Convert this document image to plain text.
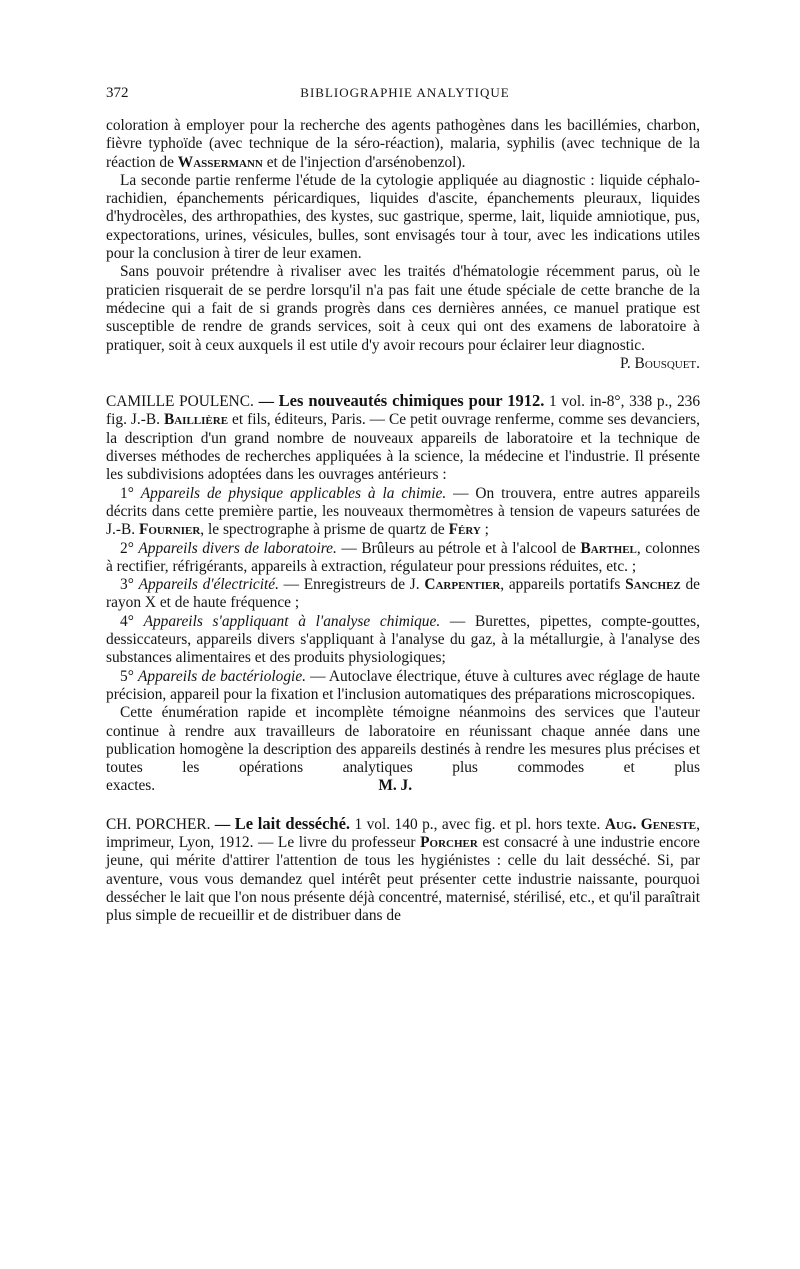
372	BIBLIOGRAPHIE ANALYTIQUE

coloration à employer pour la recherche des agents pathogènes dans les bacillémies, charbon, fièvre typhoïde (avec technique de la séro-réaction), malaria, syphilis (avec technique de la réaction de Wassermann et de l'injection d'arsénobenzol).

La seconde partie renferme l'étude de la cytologie appliquée au diagnostic : liquide céphalo-rachidien, épanchements péricardiques, liquides d'ascite, épanchements pleuraux, liquides d'hydrocèles, des arthropathies, des kystes, suc gastrique, sperme, lait, liquide amniotique, pus, expectorations, urines, vésicules, bulles, sont envisagés tour à tour, avec les indications utiles pour la conclusion à tirer de leur examen.

Sans pouvoir prétendre à rivaliser avec les traités d'hématologie récemment parus, où le praticien risquerait de se perdre lorsqu'il n'a pas fait une étude spéciale de cette branche de la médecine qui a fait de si grands progrès dans ces dernières années, ce manuel pratique est susceptible de rendre de grands services, soit à ceux qui ont des examens de laboratoire à pratiquer, soit à ceux auxquels il est utile d'y avoir recours pour éclairer leur diagnostic.

P. Bousquet.

CAMILLE POULENC. — Les nouveautés chimiques pour 1912. 1 vol. in-8°, 338 p., 236 fig. J.-B. Baillière et fils, éditeurs, Paris. — Ce petit ouvrage renferme, comme ses devanciers, la description d'un grand nombre de nouveaux appareils de laboratoire et la technique de diverses méthodes de recherches appliquées à la science, la médecine et l'industrie. Il présente les subdivisions adoptées dans les ouvrages antérieurs :

1° Appareils de physique applicables à la chimie. — On trouvera, entre autres appareils décrits dans cette première partie, les nouveaux thermomètres à tension de vapeurs saturées de J.-B. Fournier, le spectrographe à prisme de quartz de Féry ;

2° Appareils divers de laboratoire. — Brûleurs au pétrole et à l'alcool de Barthel, colonnes à rectifier, réfrigérants, appareils à extraction, régulateur pour pressions réduites, etc. ;

3° Appareils d'électricité. — Enregistreurs de J. Carpentier, appareils portatifs Sanchez de rayon X et de haute fréquence ;

4° Appareils s'appliquant à l'analyse chimique. — Burettes, pipettes, compte-gouttes, dessiccateurs, appareils divers s'appliquant à l'analyse du gaz, à la métallurgie, à l'analyse des substances alimentaires et des produits physiologiques;

5° Appareils de bactériologie. — Autoclave électrique, étuve à cultures avec réglage de haute précision, appareil pour la fixation et l'inclusion automatiques des préparations microscopiques.

Cette énumération rapide et incomplète témoigne néanmoins des services que l'auteur continue à rendre aux travailleurs de laboratoire en réunissant chaque année dans une publication homogène la description des appareils destinés à rendre les mesures plus précises et toutes les opérations analytiques plus commodes et plus exactes.	M. J.

CH. PORCHER. — Le lait desséché. 1 vol. 140 p., avec fig. et pl. hors texte. Aug. Geneste, imprimeur, Lyon, 1912. — Le livre du professeur Porcher est consacré à une industrie encore jeune, qui mérite d'attirer l'attention de tous les hygiénistes : celle du lait desséché. Si, par aventure, vous vous demandez quel intérêt peut présenter cette industrie naissante, pourquoi dessécher le lait que l'on nous présente déjà concentré, maternisé, stérilisé, etc., et qu'il paraîtrait plus simple de recueillir et de distribuer dans de
